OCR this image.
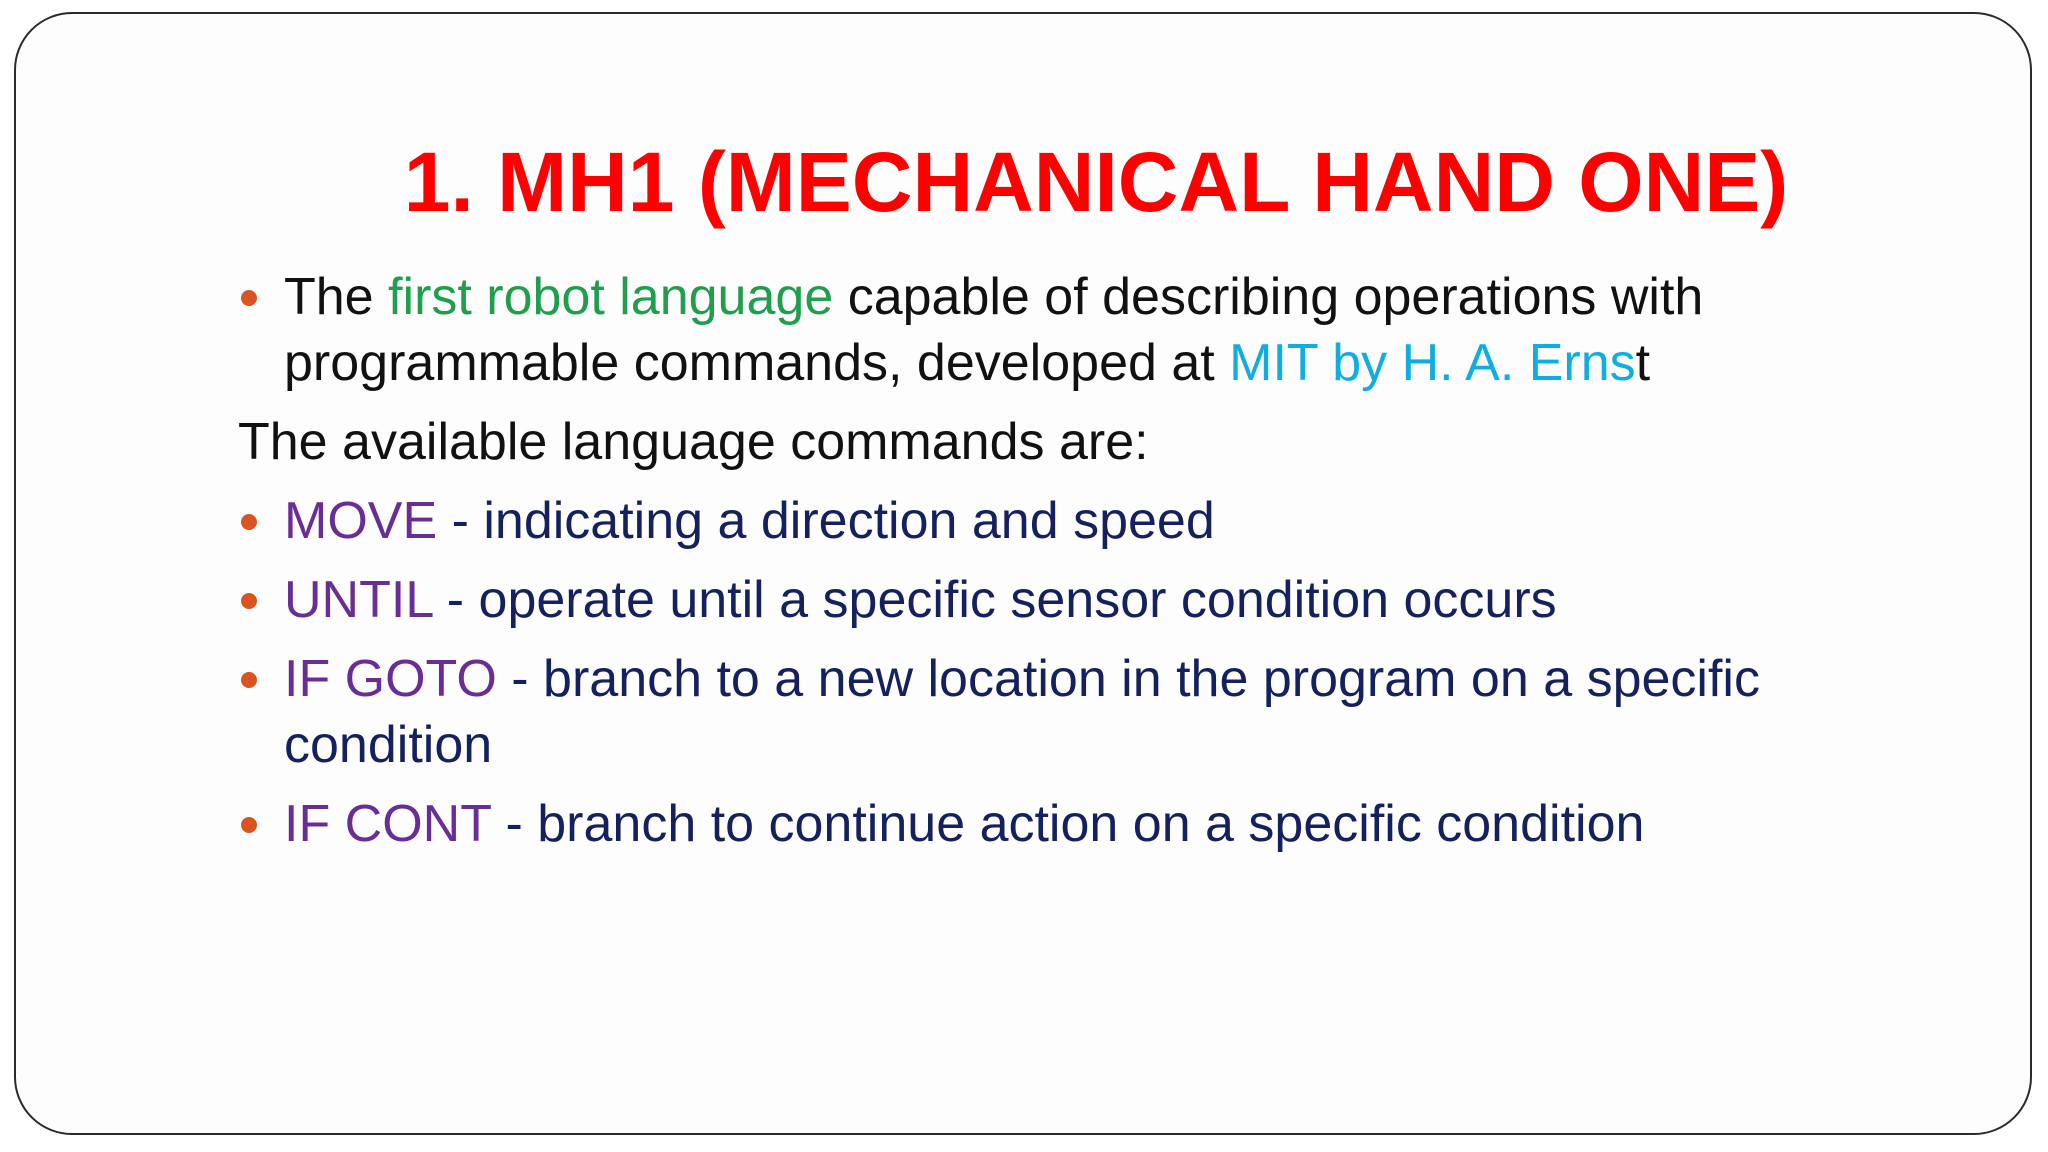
1. MH1 (MECHANICAL HAND ONE)

The first robot language capable of describing operations with programmable commands, developed at MIT by H. A. Ernst

The available language commands are:

MOVE - indicating a direction and speed

UNTIL - operate until a specific sensor condition occurs

IF GOTO - branch to a new location in the program on a specific condition

IF CONT - branch to continue action on a specific condition
